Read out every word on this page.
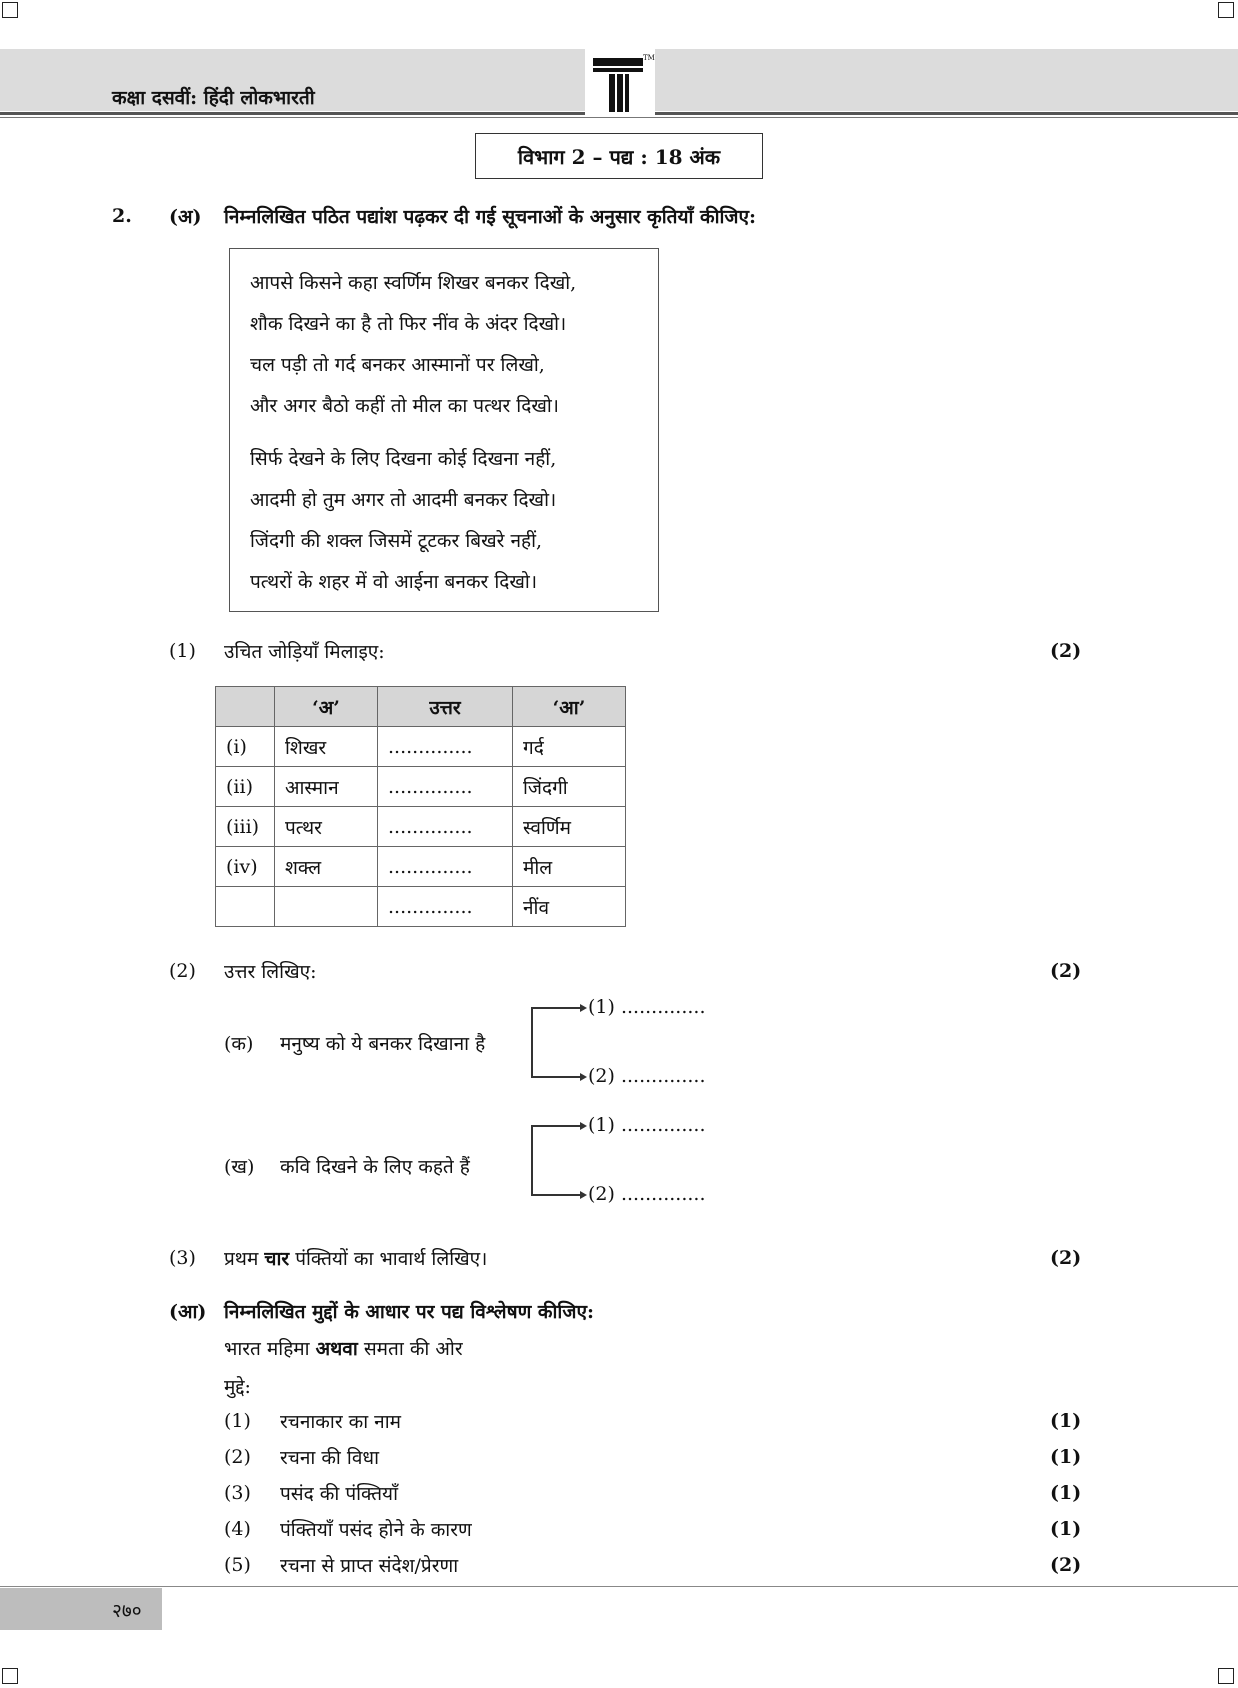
कक्षा दसवीं: हिंदी लोकभारती
TM
विभाग 2 – पद्य : 18 अंक
2. (अ) निम्नलिखित पठित पद्यांश पढ़कर दी गई सूचनाओं के अनुसार कृतियाँ कीजिए:
आपसे किसने कहा स्वर्णिम शिखर बनकर दिखो,
शौक दिखने का है तो फिर नींव के अंदर दिखो।
चल पड़ी तो गर्द बनकर आस्मानों पर लिखो,
और अगर बैठो कहीं तो मील का पत्थर दिखो।
सिर्फ देखने के लिए दिखना कोई दिखना नहीं,
आदमी हो तुम अगर तो आदमी बनकर दिखो।
जिंदगी की शक्ल जिसमें टूटकर बिखरे नहीं,
पत्थरों के शहर में वो आईना बनकर दिखो।
(1) उचित जोड़ियाँ मिलाइए:	(2)
	‘अ’	उत्तर	‘आ’
(i)	शिखर	..............	गर्द
(ii)	आस्मान	..............	जिंदगी
(iii)	पत्थर	..............	स्वर्णिम
(iv)	शक्ल	..............	मील
		..............	नींव
(2) उत्तर लिखिए:	(2)
(क) मनुष्य को ये बनकर दिखाना है
(1) ..............
(2) ..............
(ख) कवि दिखने के लिए कहते हैं
(1) ..............
(2) ..............
(3) प्रथम चार पंक्तियों का भावार्थ लिखिए।	(2)
(आ) निम्नलिखित मुद्दों के आधार पर पद्य विश्लेषण कीजिए:
भारत महिमा अथवा समता की ओर
मुद्दे:
(1) रचनाकार का नाम	(1)
(2) रचना की विधा	(1)
(3) पसंद की पंक्तियाँ	(1)
(4) पंक्तियाँ पसंद होने के कारण	(1)
(5) रचना से प्राप्त संदेश/प्रेरणा	(2)
२७०
